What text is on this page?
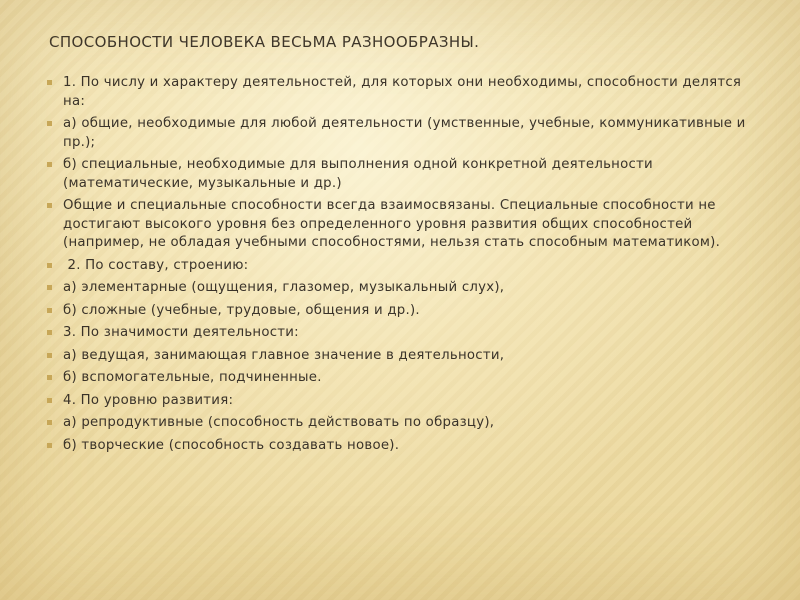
СПОСОБНОСТИ ЧЕЛОВЕКА ВЕСЬМА РАЗНООБРАЗНЫ.
1. По числу и характеру деятельностей, для которых они необходимы, способности делятся на:
а) общие, необходимые для любой деятельности (умственные, учебные, коммуникативные и пр.);
б) специальные, необходимые для выполнения одной конкретной деятельности (математические, музыкальные и др.)
Общие и специальные способности всегда взаимосвязаны. Специальные способности не достигают высокого уровня без определенного уровня развития общих способностей (например, не обладая учебными способностями, нельзя стать способным математиком).
2. По составу, строению:
а) элементарные (ощущения, глазомер, музыкальный слух),
б) сложные (учебные, трудовые, общения и др.).
3. По значимости деятельности:
а) ведущая, занимающая главное значение в деятельности,
б) вспомогательные, подчиненные.
4. По уровню развития:
а) репродуктивные (способность действовать по образцу),
б) творческие (способность создавать новое).
